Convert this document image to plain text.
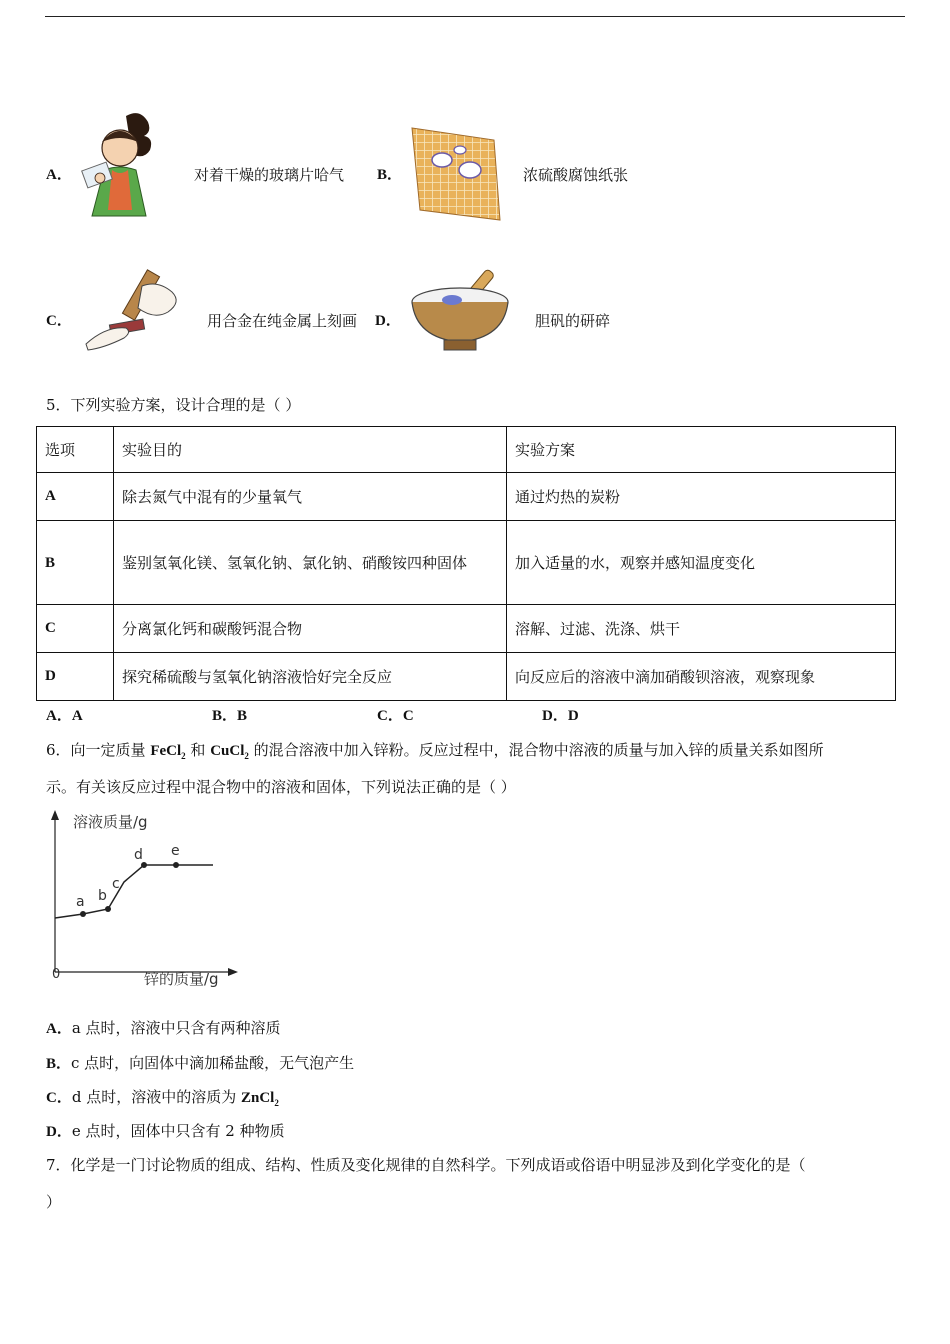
A．	对着干燥的玻璃片哈气 B．	浓硫酸腐蚀纸张
C．	用合金在纯金属上刻画 D．	胆矾的研碎
5．下列实验方案，设计合理的是（ ）
选项	实验目的	实验方案
A	除去氮气中混有的少量氧气	通过灼热的炭粉
B	鉴别氢氧化镁、氢氧化钠、氯化钠、硝酸铵四种固体	加入适量的水，观察并感知温度变化
C	分离氯化钙和碳酸钙混合物	溶解、过滤、洗涤、烘干
D	探究稀硫酸与氢氧化钠溶液恰好完全反应	向反应后的溶液中滴加硝酸钡溶液，观察现象
A．A	B．B	C．C	D．D
6．向一定质量 FeCl$_2$ 和 CuCl$_2$ 的混合溶液中加入锌粉。反应过程中，混合物中溶液的质量与加入锌的质量关系如图所
示。有关该反应过程中混合物中的溶液和固体，下列说法正确的是（ ）
溶液质量/g
锌的质量/g
0
a b
c
d e
A．a 点时，溶液中只含有两种溶质
B．c 点时，向固体中滴加稀盐酸，无气泡产生
C．d 点时，溶液中的溶质为 ZnCl$_2$
D．e 点时，固体中只含有 2 种物质
7．化学是一门讨论物质的组成、结构、性质及变化规律的自然科学。下列成语或俗语中明显涉及到化学变化的是（
）
